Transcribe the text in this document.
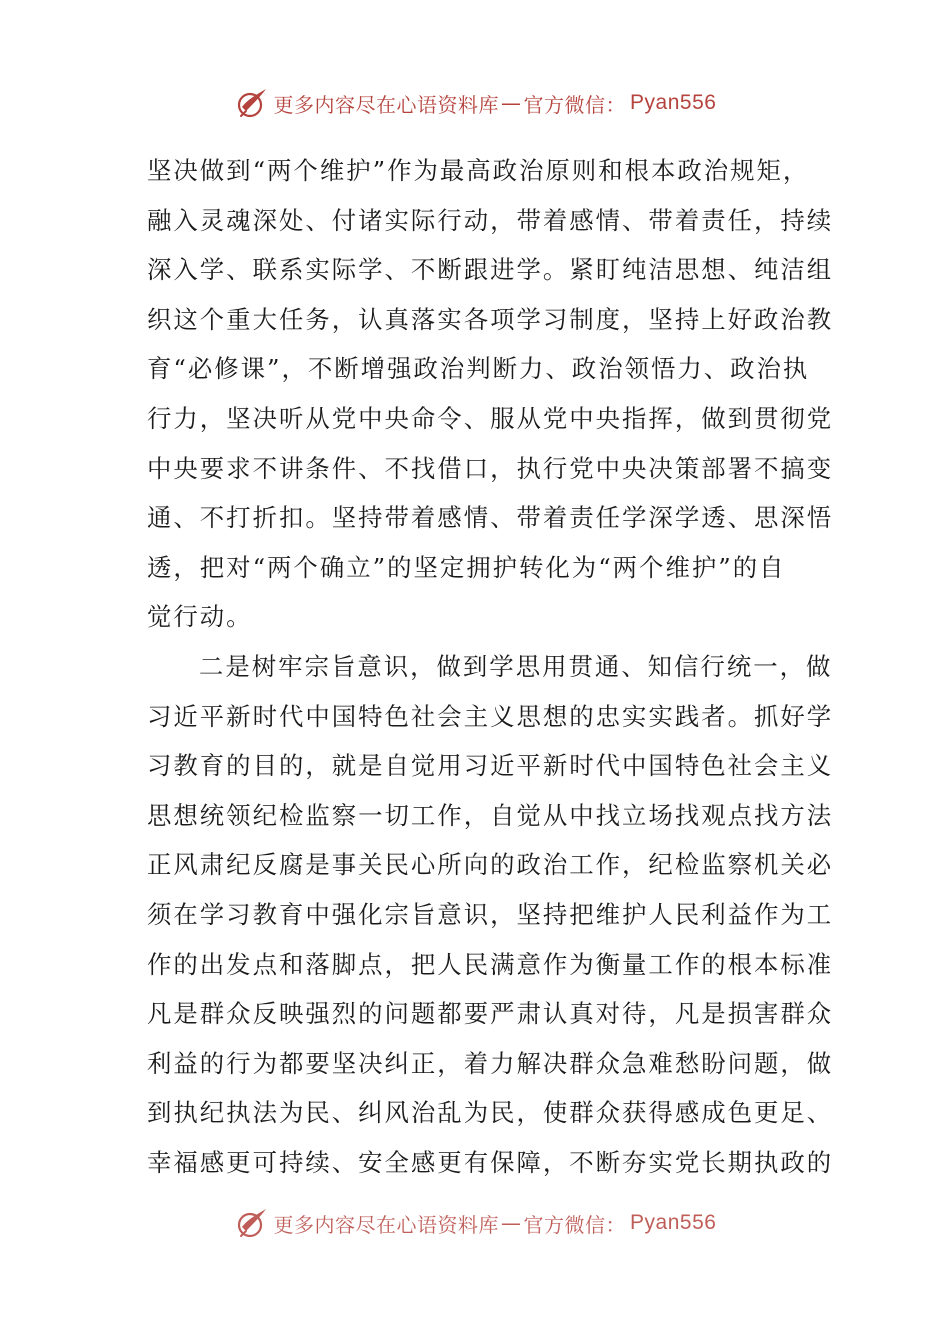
更多内容尽在心语资料库 — 官方微信： Pyan556
坚决做到“两个维护”作为最高政治原则和根本政治规矩，
融入灵魂深处、付诸实际行动，带着感情、带着责任，持续
深入学、联系实际学、不断跟进学。紧盯纯洁思想、纯洁组
织这个重大任务，认真落实各项学习制度，坚持上好政治教
育“必修课”，不断增强政治判断力、政治领悟力、政治执
行力，坚决听从党中央命令、服从党中央指挥，做到贯彻党
中央要求不讲条件、不找借口，执行党中央决策部署不搞变
通、不打折扣。坚持带着感情、带着责任学深学透、思深悟
透，把对“两个确立”的坚定拥护转化为“两个维护”的自
觉行动。
二是树牢宗旨意识，做到学思用贯通、知信行统一，做
习近平新时代中国特色社会主义思想的忠实实践者。抓好学
习教育的目的，就是自觉用习近平新时代中国特色社会主义
思想统领纪检监察一切工作，自觉从中找立场找观点找方法
正风肃纪反腐是事关民心所向的政治工作，纪检监察机关必
须在学习教育中强化宗旨意识，坚持把维护人民利益作为工
作的出发点和落脚点，把人民满意作为衡量工作的根本标准
凡是群众反映强烈的问题都要严肃认真对待，凡是损害群众
利益的行为都要坚决纠正，着力解决群众急难愁盼问题，做
到执纪执法为民、纠风治乱为民，使群众获得感成色更足、
幸福感更可持续、安全感更有保障，不断夯实党长期执政的
更多内容尽在心语资料库 — 官方微信： Pyan556
